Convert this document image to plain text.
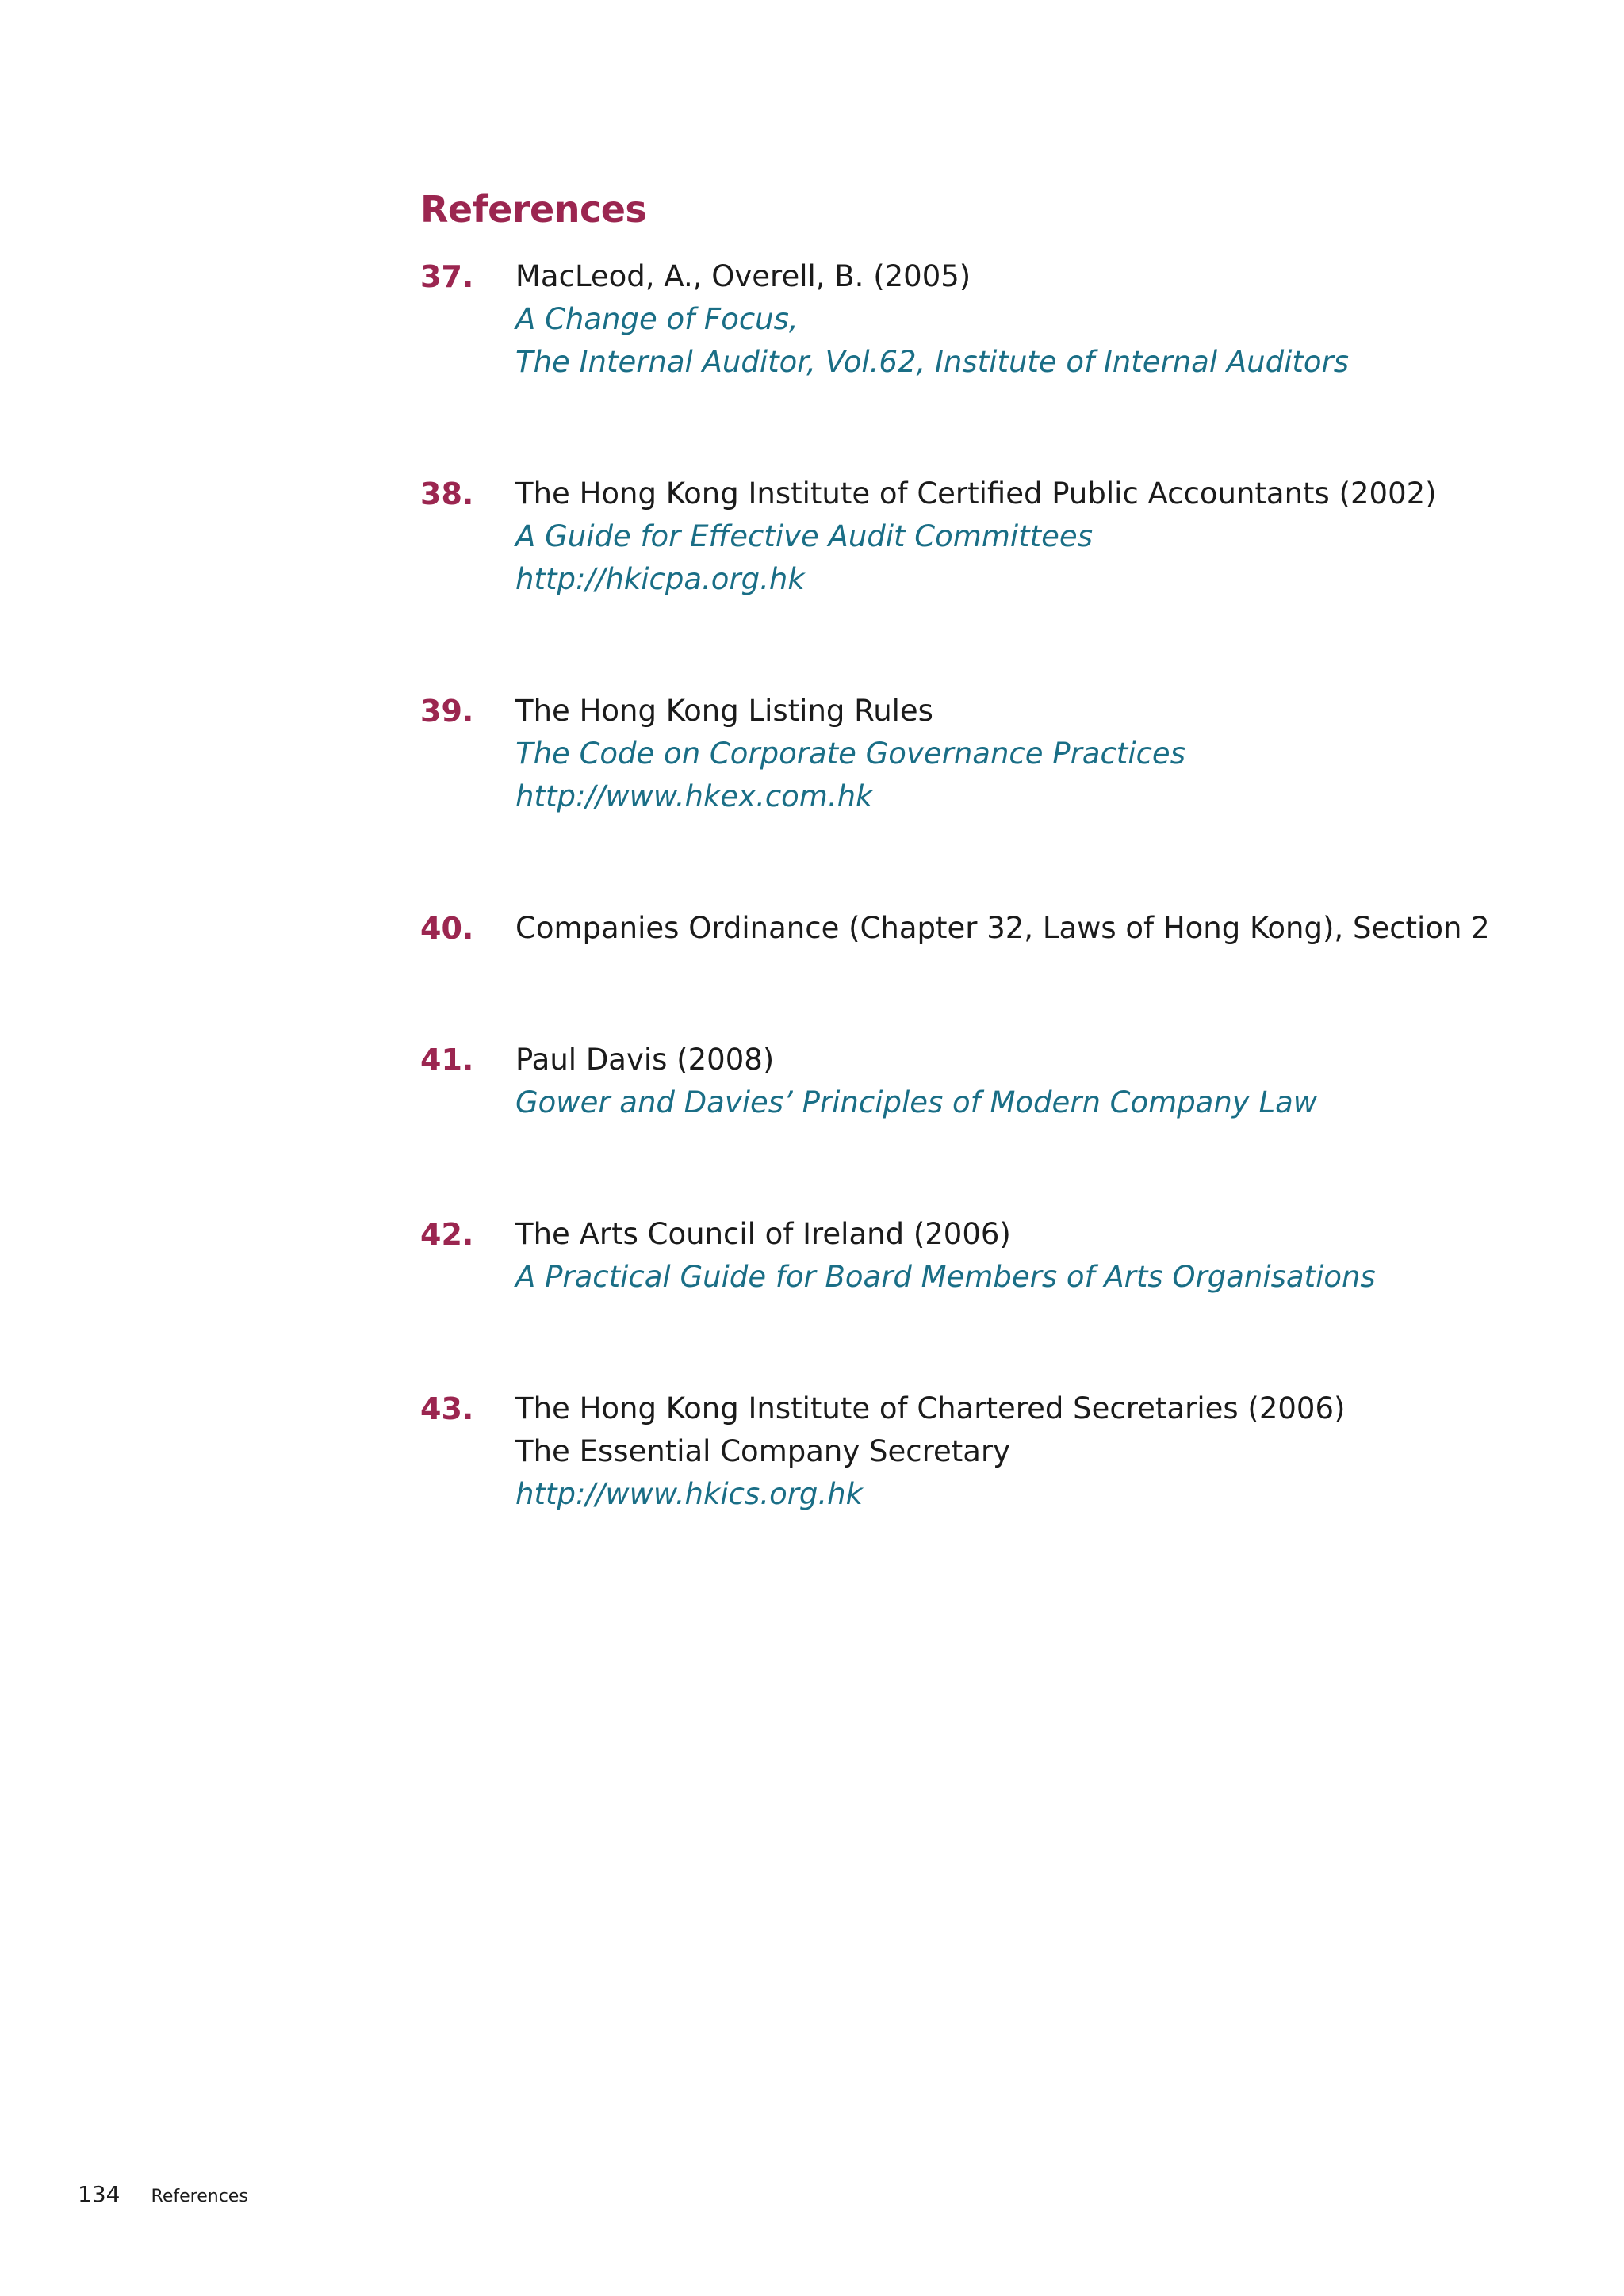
References
37. MacLeod, A., Overell, B. (2005)
A Change of Focus,
The Internal Auditor, Vol.62, Institute of Internal Auditors
38. The Hong Kong Institute of Certified Public Accountants (2002)
A Guide for Effective Audit Committees
http://hkicpa.org.hk
39. The Hong Kong Listing Rules
The Code on Corporate Governance Practices
http://www.hkex.com.hk
40. Companies Ordinance (Chapter 32, Laws of Hong Kong), Section 2
41. Paul Davis (2008)
Gower and Davies’ Principles of Modern Company Law
42. The Arts Council of Ireland (2006)
A Practical Guide for Board Members of Arts Organisations
43. The Hong Kong Institute of Chartered Secretaries (2006)
The Essential Company Secretary
http://www.hkics.org.hk
134 References
